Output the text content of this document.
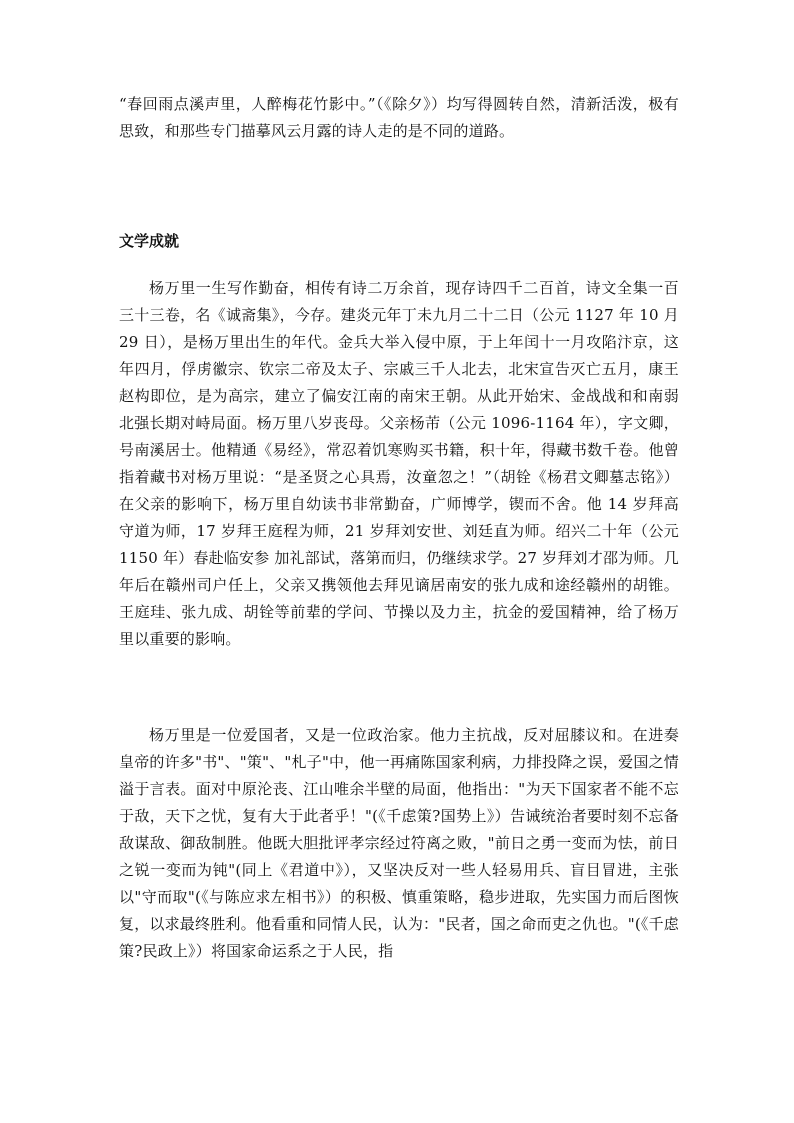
“春回雨点溪声里，人醉梅花竹影中。”（《除夕》）均写得圆转自然，清新活泼，极有思致，和那些专门描摹风云月露的诗人走的是不同的道路。

文学成就

杨万里一生写作勤奋，相传有诗二万余首，现存诗四千二百首，诗文全集一百三十三卷，名《诚斋集》，今存。建炎元年丁未九月二十二日（公元 1127 年 10 月 29 日），是杨万里出生的年代。金兵大举入侵中原，于上年闰十一月攻陷汴京，这年四月，俘虏徽宗、钦宗二帝及太子、宗戚三千人北去，北宋宣告灭亡五月，康王赵构即位，是为高宗，建立了偏安江南的南宋王朝。从此开始宋、金战战和和南弱北强长期对峙局面。杨万里八岁丧母。父亲杨芾（公元 1096-1164 年），字文卿，号南溪居士。他精通《易经》，常忍着饥寒购买书籍，积十年，得藏书数千卷。他曾指着藏书对杨万里说：“是圣贤之心具焉，汝童忽之！”（胡铨《杨君文卿墓志铭》）在父亲的影响下，杨万里自幼读书非常勤奋，广师博学，锲而不舍。他 14 岁拜高守道为师，17 岁拜王庭程为师，21 岁拜刘安世、刘廷直为师。绍兴二十年（公元 1150 年）春赴临安参 加礼部试，落第而归，仍继续求学。27 岁拜刘才邵为师。几年后在赣州司户任上，父亲又携领他去拜见谪居南安的张九成和途经赣州的胡锥。王庭珪、张九成、胡铨等前辈的学问、节操以及力主，抗金的爱国精神，给了杨万里以重要的影响。

杨万里是一位爱国者，又是一位政治家。他力主抗战，反对屈膝议和。在进奏皇帝的许多"书"、"策"、"札子"中，他一再痛陈国家利病，力排投降之误，爱国之情溢于言表。面对中原沦丧、江山唯余半壁的局面，他指出："为天下国家者不能不忘于敌，天下之忧，复有大于此者乎！"(《千虑策?国势上》）告诫统治者要时刻不忘备敌谋敌、御敌制胜。他既大胆批评孝宗经过符离之败，"前日之勇一变而为怯，前日之锐一变而为钝"(同上《君道中》），又坚决反对一些人轻易用兵、盲目冒进，主张以"守而取"(《与陈应求左相书》）的积极、慎重策略，稳步进取，先实国力而后图恢复，以求最终胜利。他看重和同情人民，认为："民者，国之命而吏之仇也。"(《千虑策?民政上》）将国家命运系之于人民，指
